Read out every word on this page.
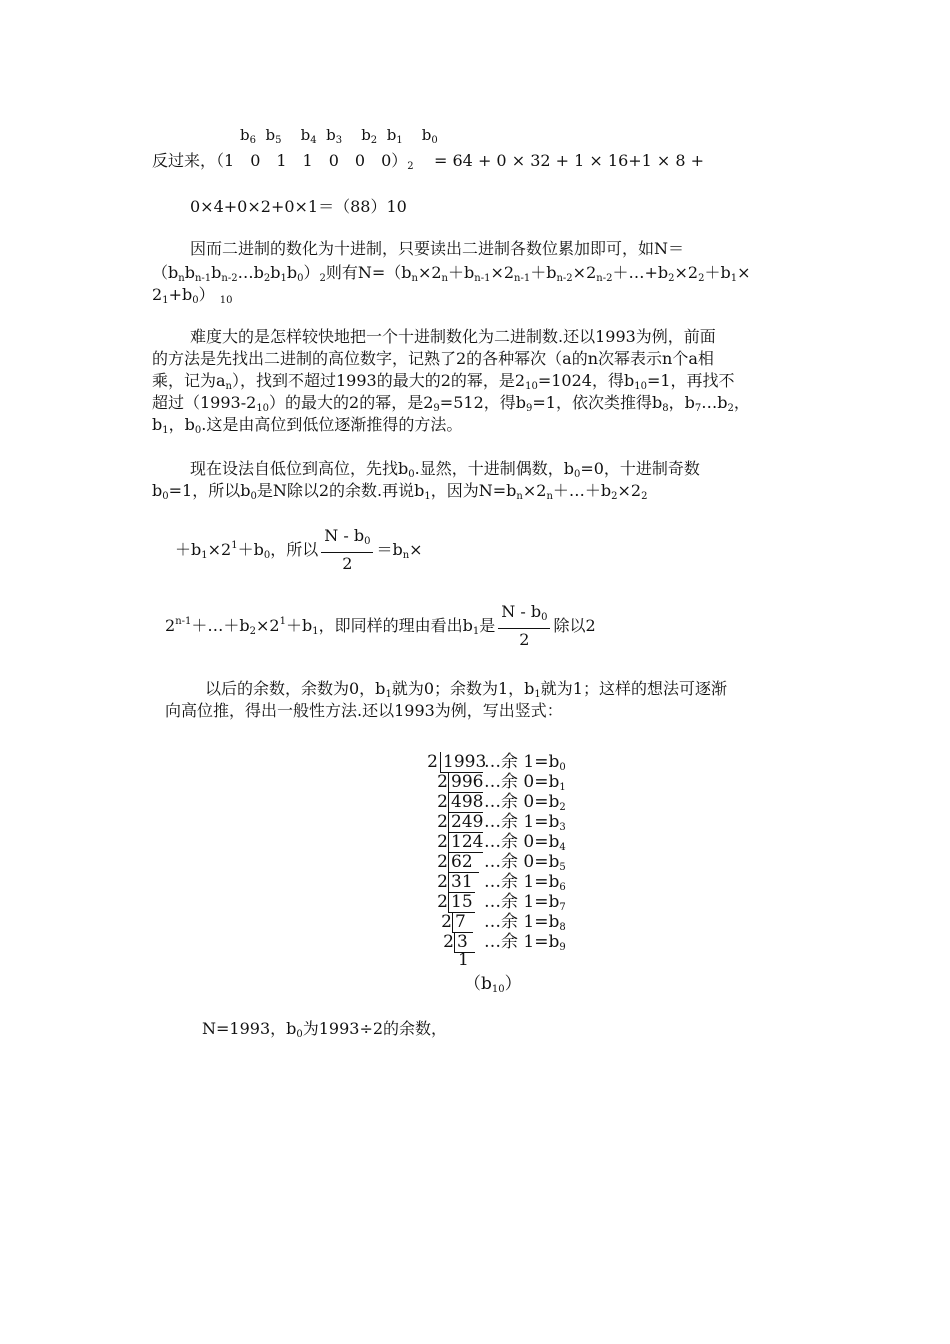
$b_6$ $b_5$ $b_4$ $b_3$ $b_2$ $b_1$ $b_0$
反过来，（1　0　1　1　0　0　$0)_2 = 64 + 0 \times 32 + 1 \times 16+1 \times 8$ +
0×4+0×2+0×1＝（88）10
因而二进制的数化为十进制，只要读出二进制各数位累加即可，如N＝
$(b_nb_{n-1}b_{n-2}\dots b_2b_1b_0)_2$则有$N=(b_n\times 2_n+b_{n-1}\times 2_{n-1}+b_{n-2}\times 2_{n-2}+\dots+b_2\times 2_2+b_1\times$
$2_1+b_0$） $_{10}$
难度大的是怎样较快地把一个十进制数化为二进制数.还以1993为例，前面
的方法是先找出二进制的高位数字，记熟了2的各种幂次（a的n次幂表示n个a相
乘，记为$a_n$），找到不超过1993的最大的2的幂，是$2_{10}=1024$，得$b_{10}=1$，再找不
超过$(1993-2_{10})$的最大的2的幂，是$2_9=512$，得$b_9=1$，依次类推得$b_8$，$b_7\dots b_2$，
$b_1$，$b_0$.这是由高位到低位逐渐推得的方法。
现在设法自低位到高位，先找$b_0$.显然，十进制偶数，$b_0=0$，十进制奇数
$b_0=1$，所以$b_0$是N除以2的余数.再说$b_1$，因为$N=b_n\times 2_n+\dots+b_2\times 2_2$
$+b_1\times 2^1+b_0$，所以 $\frac{N - b_0}{2} =b_n\times$
$2^{n-1}+\dots+b_2\times 2^1+b_1$，即同样的理由看出$b_1$是 $\frac{N - b_0}{2}$ 除以2
以后的余数，余数为0，$b_1$就为0；余数为1，$b_1$就为1；这样的想法可逐渐
向高位推，得出一般性方法.还以1993为例，写出竖式：
2 1993
…余 $1=b_0$
2 996 …余 $0=b_1$
2 498 …余 $0=b_2$
2 249 …余 $1=b_3$
2 124 …余 $0=b_4$
2 62 …余 $0=b_5$
2 31 …余 $1=b_6$
2 15 …余 $1=b_7$
2 7	…余 $1=b_8$
2 3 …余 $1=b_9$
1
$(b_{10})$
N=1993，$b_0$为1993÷2的余数，
